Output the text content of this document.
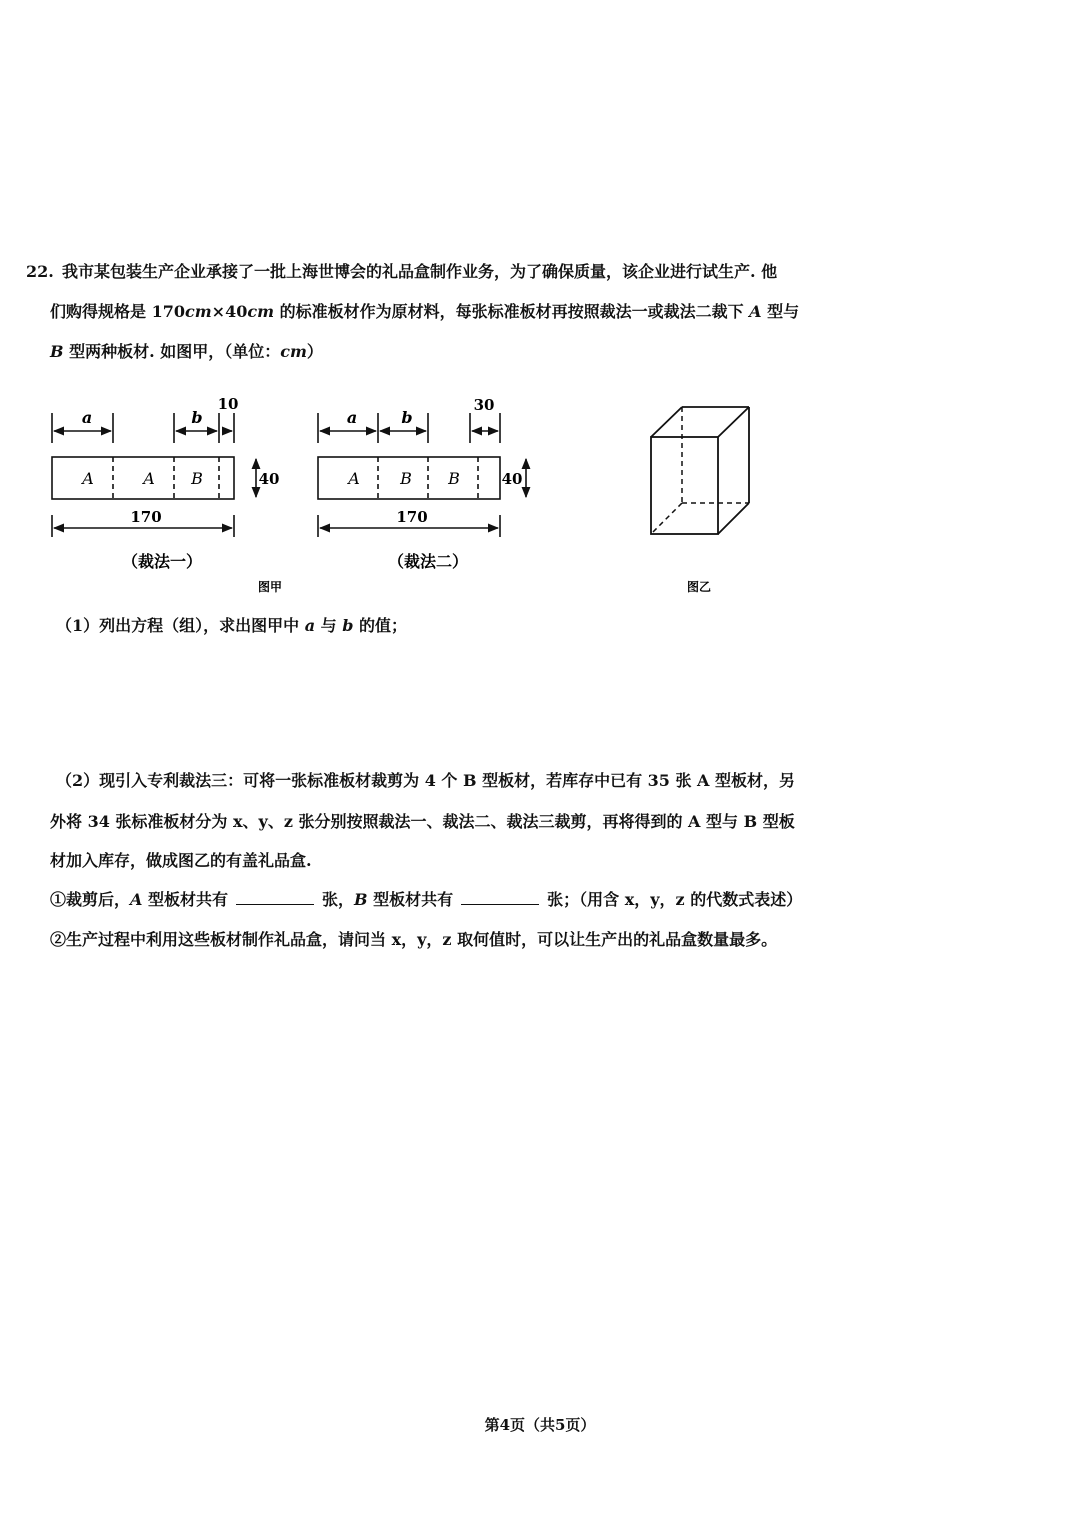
22. 我市某包装生产企业承接了一批上海世博会的礼品盒制作业务，为了确保质量，该企业进行试生产. 他
们购得规格是 170cm×40cm 的标准板材作为原材料，每张标准板材再按照裁法一或裁法二裁下 A 型与
B 型两种板材. 如图甲，（单位：cm）
a	b
10
A	A B	40
170
（裁法一）
a	b
30
A	B B	40
170
（裁法二）
图甲	图乙
（1）列出方程（组），求出图甲中 a 与 b 的值；
（2）现引入专利裁法三：可将一张标准板材裁剪为 4 个 B 型板材，若库存中已有 35 张 A 型板材，另
外将 34 张标准板材分为 x、y、z 张分别按照裁法一、裁法二、裁法三裁剪，再将得到的 A 型与 B 型板
材加入库存，做成图乙的有盖礼品盒.
①裁剪后，A 型板材共有	张，B 型板材共有	张；（用含 x，y，z 的代数式表述）
②生产过程中利用这些板材制作礼品盒，请问当 x，y，z 取何值时，可以让生产出的礼品盒数量最多。
第4页（共5页）
